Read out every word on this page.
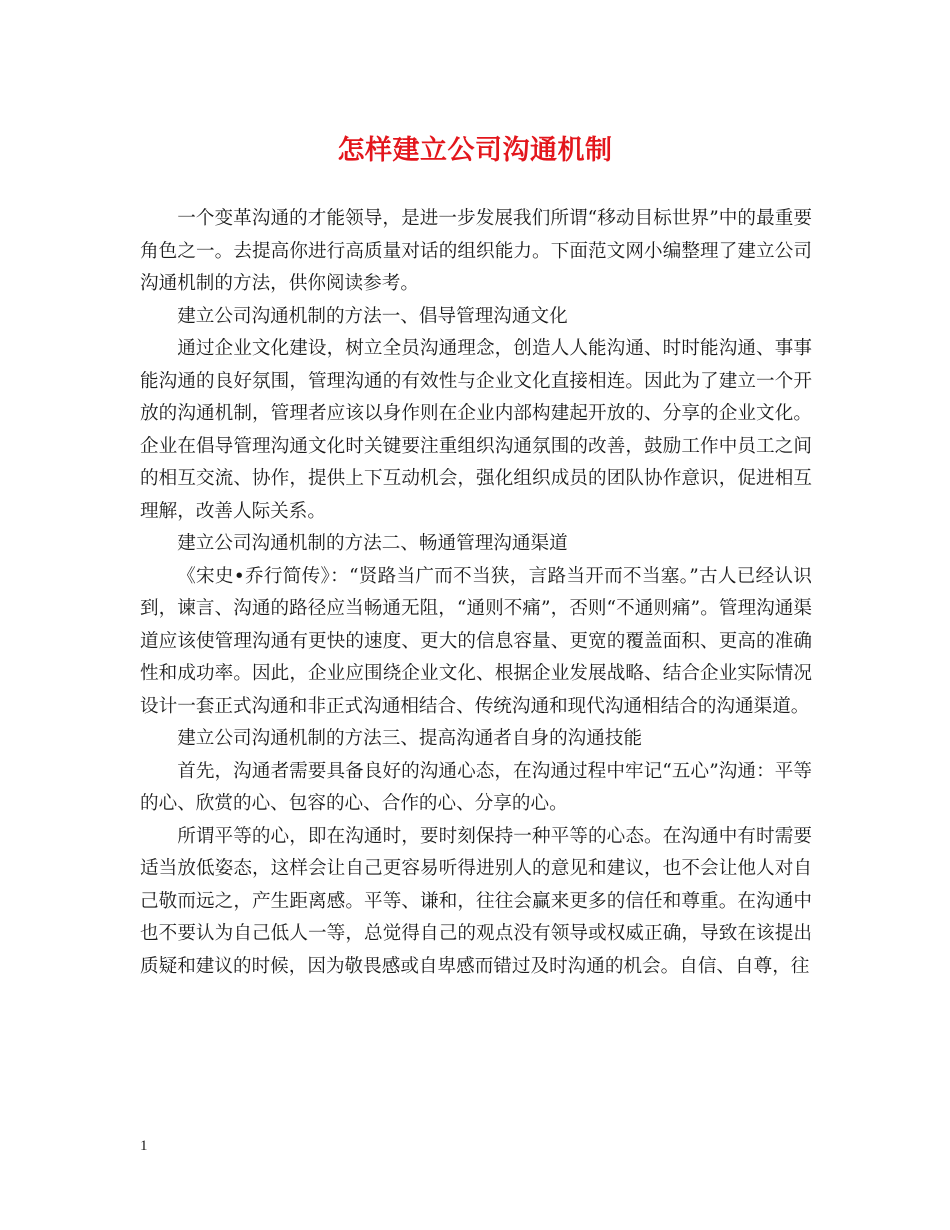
怎样建立公司沟通机制

一个变革沟通的才能领导，是进一步发展我们所谓“移动目标世界”中的最重要角色之一。去提高你进行高质量对话的组织能力。下面范文网小编整理了建立公司沟通机制的方法，供你阅读参考。

建立公司沟通机制的方法一、倡导管理沟通文化

通过企业文化建设，树立全员沟通理念，创造人人能沟通、时时能沟通、事事能沟通的良好氛围，管理沟通的有效性与企业文化直接相连。因此为了建立一个开放的沟通机制，管理者应该以身作则在企业内部构建起开放的、分享的企业文化。企业在倡导管理沟通文化时关键要注重组织沟通氛围的改善，鼓励工作中员工之间的相互交流、协作，提供上下互动机会，强化组织成员的团队协作意识，促进相互理解，改善人际关系。

建立公司沟通机制的方法二、畅通管理沟通渠道

《宋史•乔行简传》：“贤路当广而不当狭，言路当开而不当塞。”古人已经认识到，谏言、沟通的路径应当畅通无阻，“通则不痛”，否则“不通则痛”。管理沟通渠道应该使管理沟通有更快的速度、更大的信息容量、更宽的覆盖面积、更高的准确性和成功率。因此，企业应围绕企业文化、根据企业发展战略、结合企业实际情况设计一套正式沟通和非正式沟通相结合、传统沟通和现代沟通相结合的沟通渠道。

建立公司沟通机制的方法三、提高沟通者自身的沟通技能

首先，沟通者需要具备良好的沟通心态，在沟通过程中牢记“五心”沟通：平等的心、欣赏的心、包容的心、合作的心、分享的心。

所谓平等的心，即在沟通时，要时刻保持一种平等的心态。在沟通中有时需要适当放低姿态，这样会让自己更容易听得进别人的意见和建议，也不会让他人对自己敬而远之，产生距离感。平等、谦和，往往会赢来更多的信任和尊重。在沟通中也不要认为自己低人一等，总觉得自己的观点没有领导或权威正确，导致在该提出质疑和建议的时候，因为敬畏感或自卑感而错过及时沟通的机会。自信、自尊，往

1
